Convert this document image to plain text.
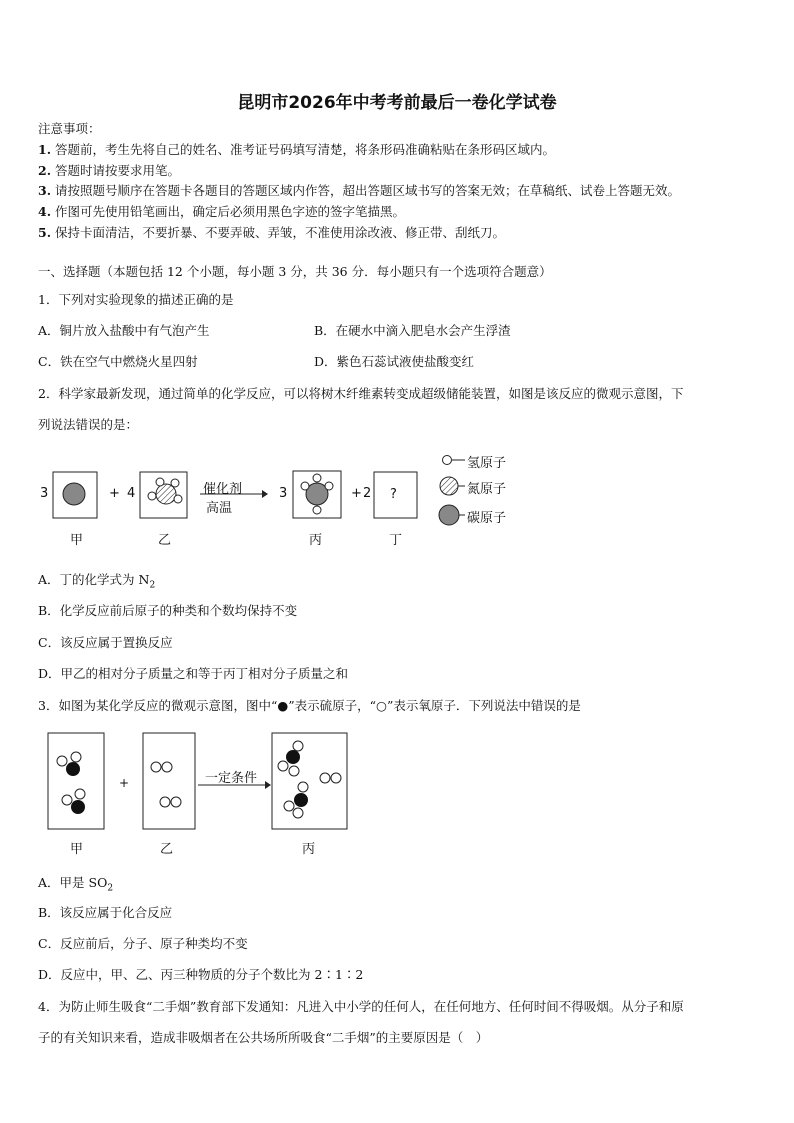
昆明市2026年中考考前最后一卷化学试卷
注意事项：
1. 答题前，考生先将自己的姓名、准考证号码填写清楚，将条形码准确粘贴在条形码区域内。
2. 答题时请按要求用笔。
3. 请按照题号顺序在答题卡各题目的答题区域内作答，超出答题区域书写的答案无效；在草稿纸、试卷上答题无效。
4. 作图可先使用铅笔画出，确定后必须用黑色字迹的签字笔描黑。
5. 保持卡面清洁，不要折暴、不要弄破、弄皱，不准使用涂改液、修正带、刮纸刀。
一、选择题（本题包括 12 个小题，每小题 3 分，共 36 分．每小题只有一个选项符合题意）
1．下列对实验现象的描述正确的是
A．铜片放入盐酸中有气泡产生	B．在硬水中滴入肥皂水会产生浮渣
C．铁在空气中燃烧火星四射	D．紫色石蕊试液使盐酸变红
2．科学家最新发现，通过简单的化学反应，可以将树木纤维素转变成超级储能装置，如图是该反应的微观示意图，下
列说法错误的是：
3	+ 4	催化剂
高温
3	+ 2 ?
氢原子
氮原子
碳原子
甲	乙	丙	丁
A．丁的化学式为 $N_2$
B．化学反应前后原子的种类和个数均保持不变
C．该反应属于置换反应
D．甲乙的相对分子质量之和等于丙丁相对分子质量之和
3．如图为某化学反应的微观示意图，图中“●”表示硫原子，“○”表示氧原子．下列说法中错误的是
+	一定条件
甲	乙	丙
A．甲是 $SO_2$
B．该反应属于化合反应
C．反应前后，分子、原子种类均不变
D．反应中，甲、乙、丙三种物质的分子个数比为 2∶1∶2
4．为防止师生吸食“二手烟”教育部下发通知：凡进入中小学的任何人，在任何地方、任何时间不得吸烟。从分子和原
子的有关知识来看，造成非吸烟者在公共场所所吸食“二手烟”的主要原因是（　）
